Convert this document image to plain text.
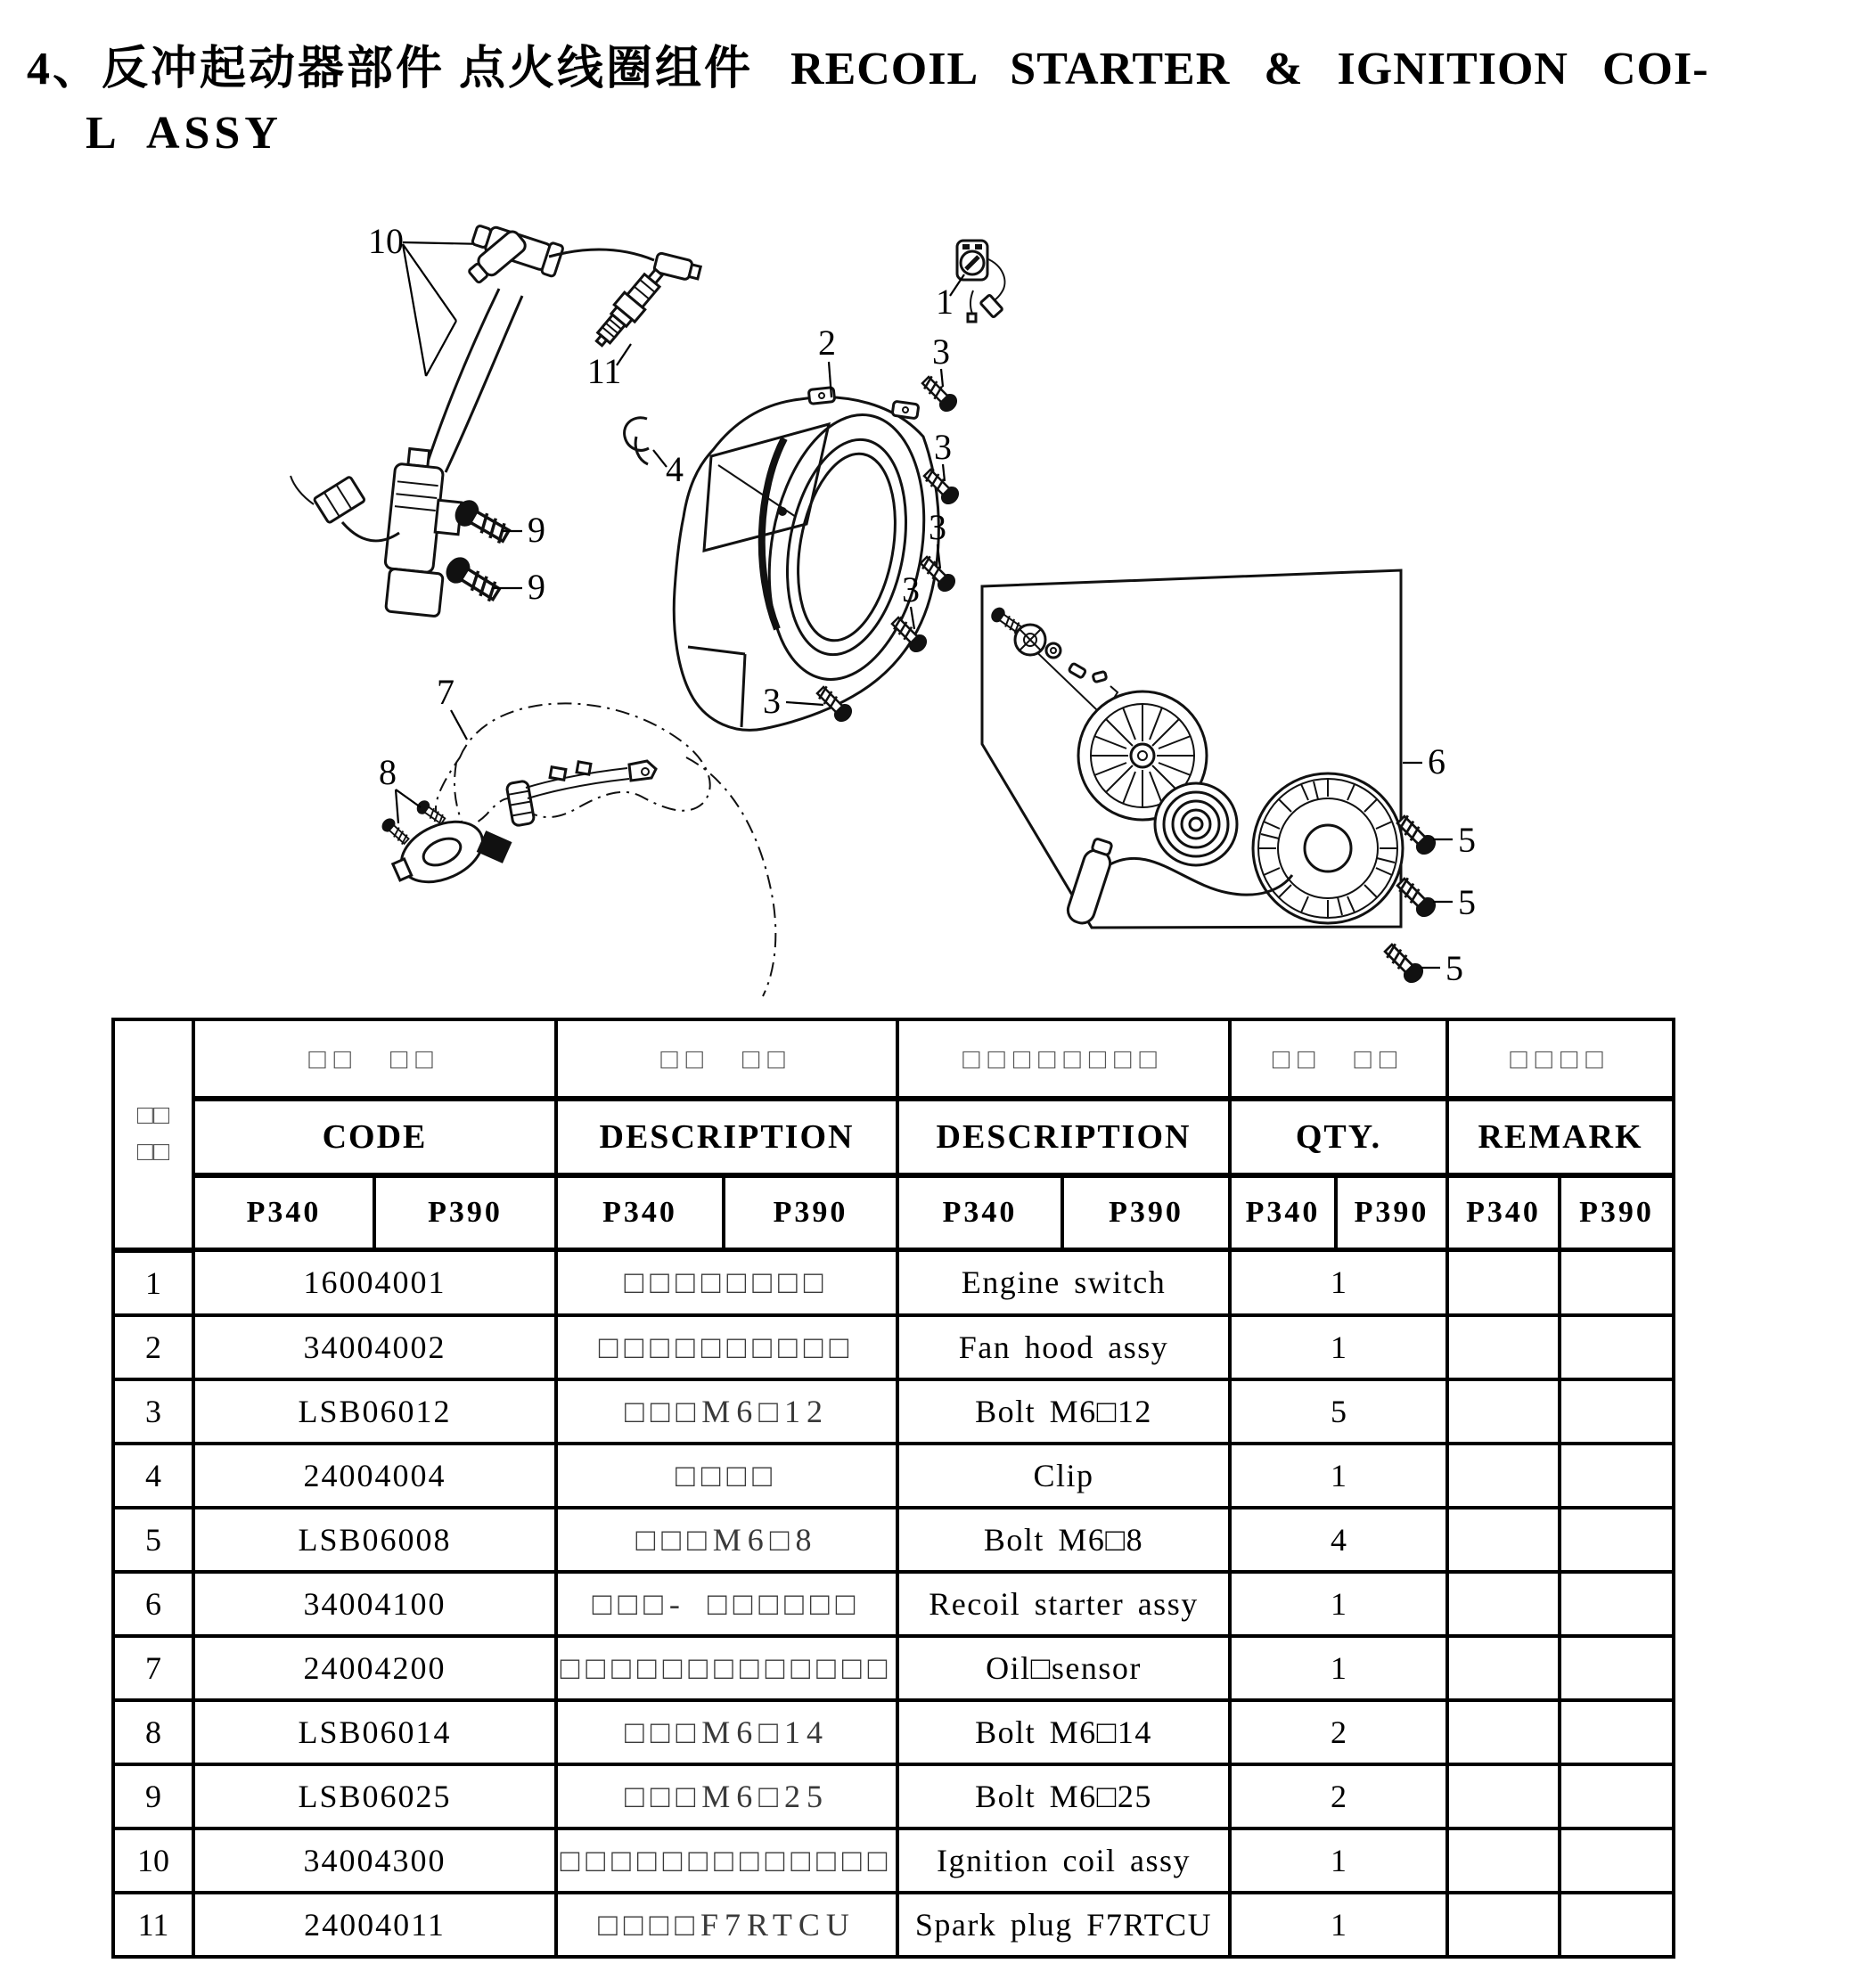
4、反冲起动器部件 点火线圈组件 RECOIL STARTER & IGNITION COI-
L ASSY
1
2	3
3
3
3
3
4
5
5
5
6
7
8
9
9
10
11
□□
□□	□□ □□		□□ □□		□□□□□□□□		□□ □□		□□□□	
	CODE		DESCRIPTION		DESCRIPTION		QTY.		REMARK	
	P340	P390	P340	P390	P340	P390	P340	P390	P340	P390
1	16004001		□□□□□□□□		Engine switch		1			
2	34004002		□□□□□□□□□□		Fan hood assy		1			
3	LSB06012		□□□M6□12		Bolt M6□12		5			
4	24004004		□□□□		Clip		1			
5	LSB06008		□□□M6□8		Bolt M6□8		4			
6	34004100		□□□- □□□□□□		Recoil starter assy		1			
7	24004200		□□□□□□□□□□□□□		Oil□sensor		1			
8	LSB06014		□□□M6□14		Bolt M6□14		2			
9	LSB06025		□□□M6□25		Bolt M6□25		2			
10	34004300		□□□□□□□□□□□□□		Ignition coil assy		1			
11	24004011		□□□□F7RTCU		Spark plug F7RTCU		1			
